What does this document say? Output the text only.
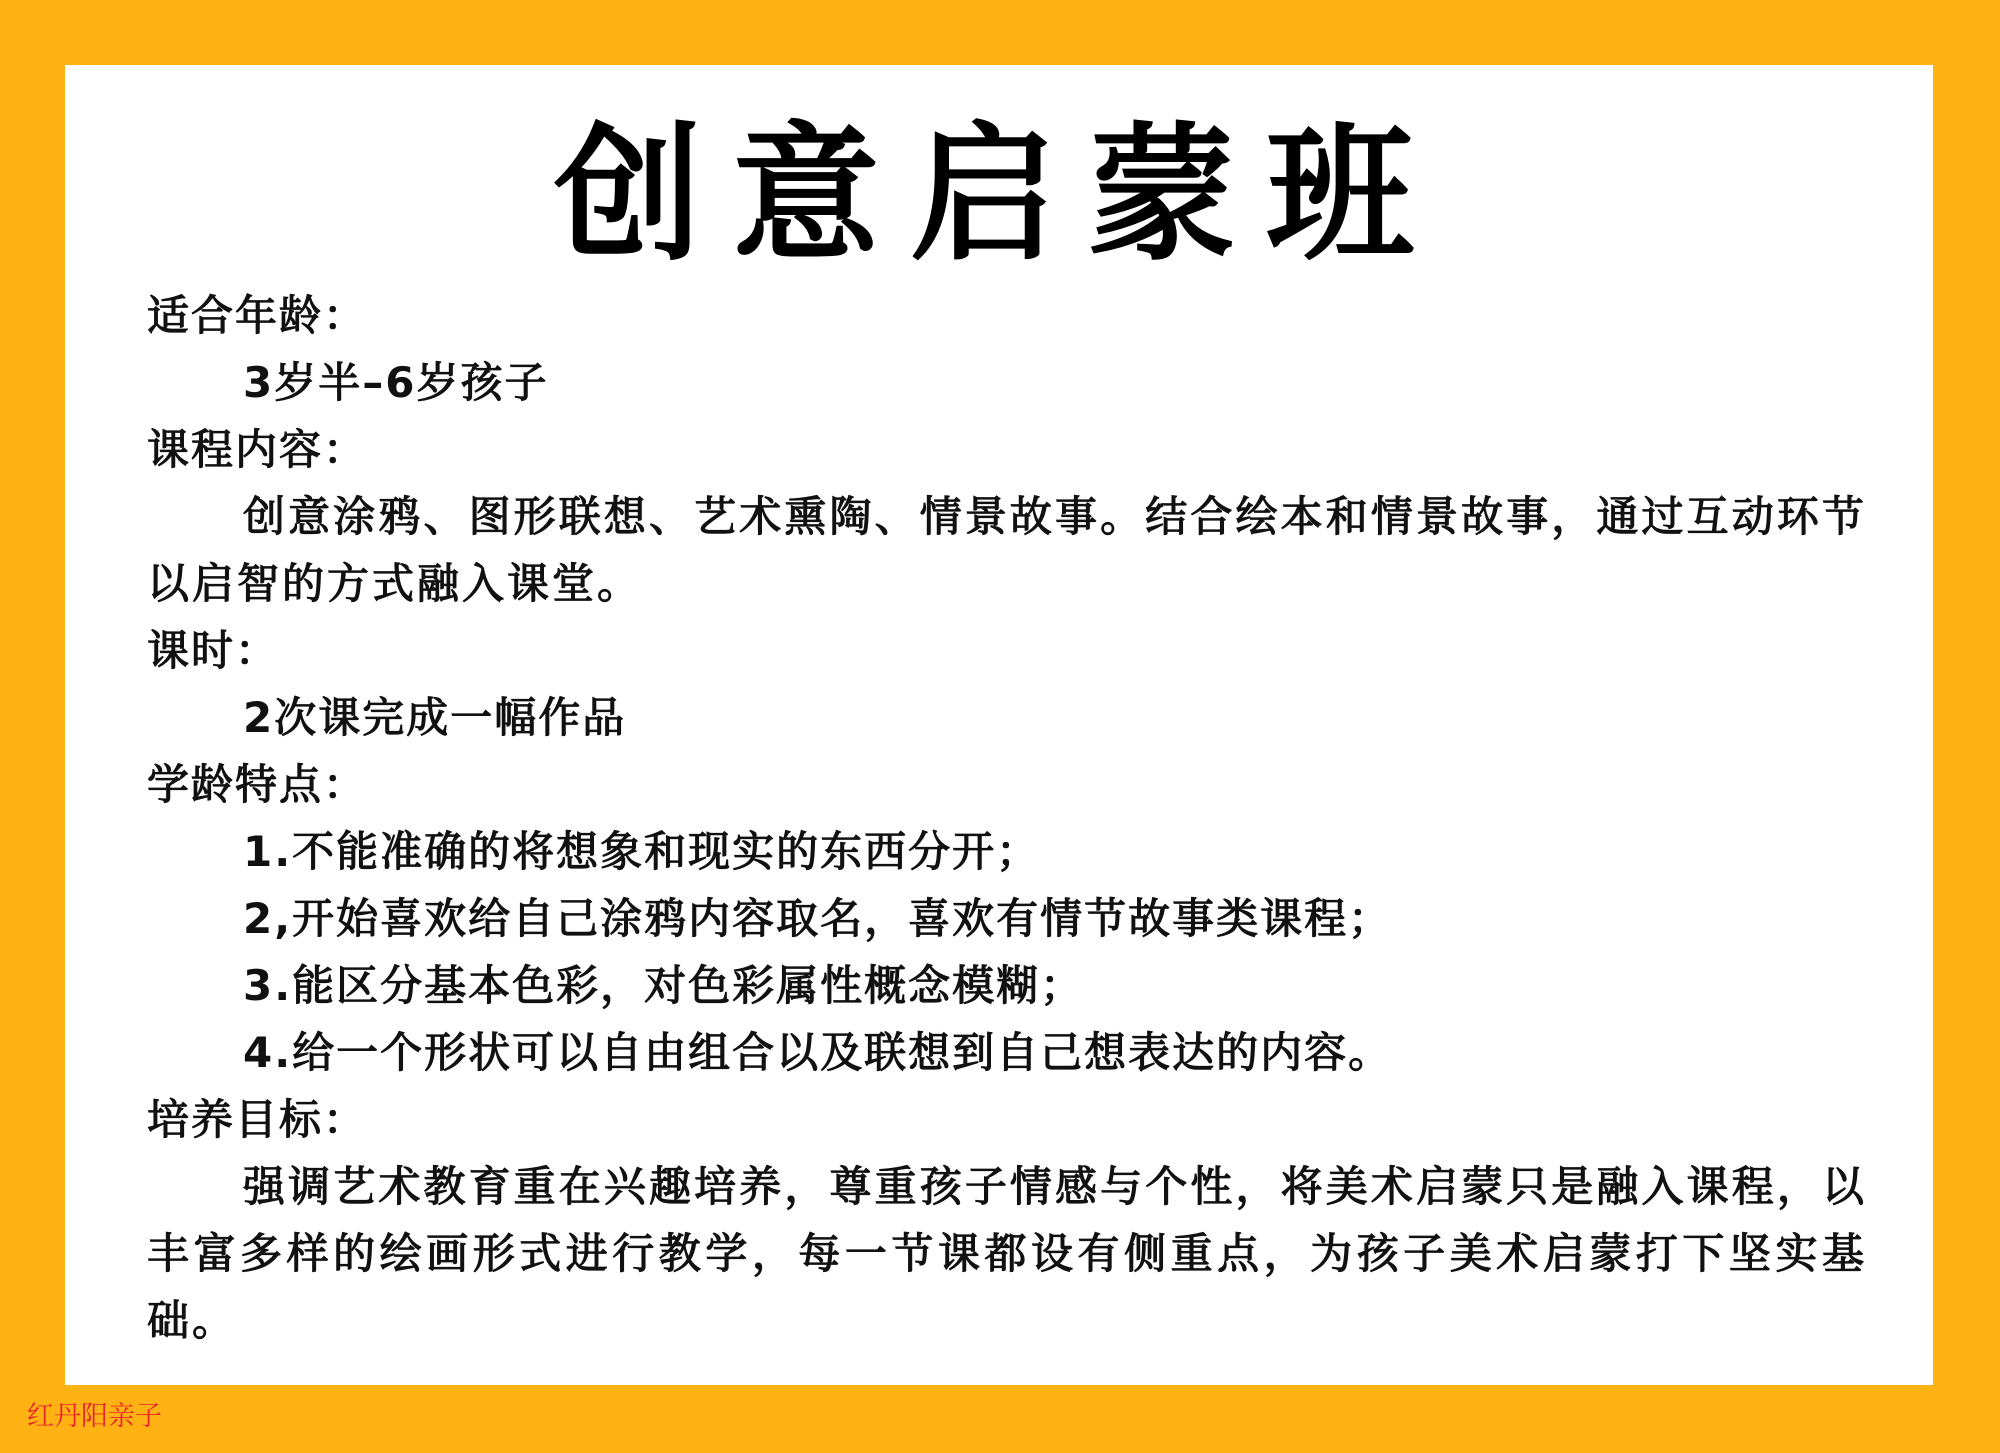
创意启蒙班

适合年龄：

3岁半–6岁孩子

课程内容：

创意涂鸦、图形联想、艺术熏陶、情景故事。结合绘本和情景故事，通过互动环节以启智的方式融入课堂。

课时：

2次课完成一幅作品

学龄特点：

1.不能准确的将想象和现实的东西分开；

2,开始喜欢给自己涂鸦内容取名，喜欢有情节故事类课程；

3.能区分基本色彩，对色彩属性概念模糊；

4.给一个形状可以自由组合以及联想到自己想表达的内容。

培养目标：

强调艺术教育重在兴趣培养，尊重孩子情感与个性，将美术启蒙只是融入课程，以丰富多样的绘画形式进行教学，每一节课都设有侧重点，为孩子美术启蒙打下坚实基础。

红丹阳亲子
